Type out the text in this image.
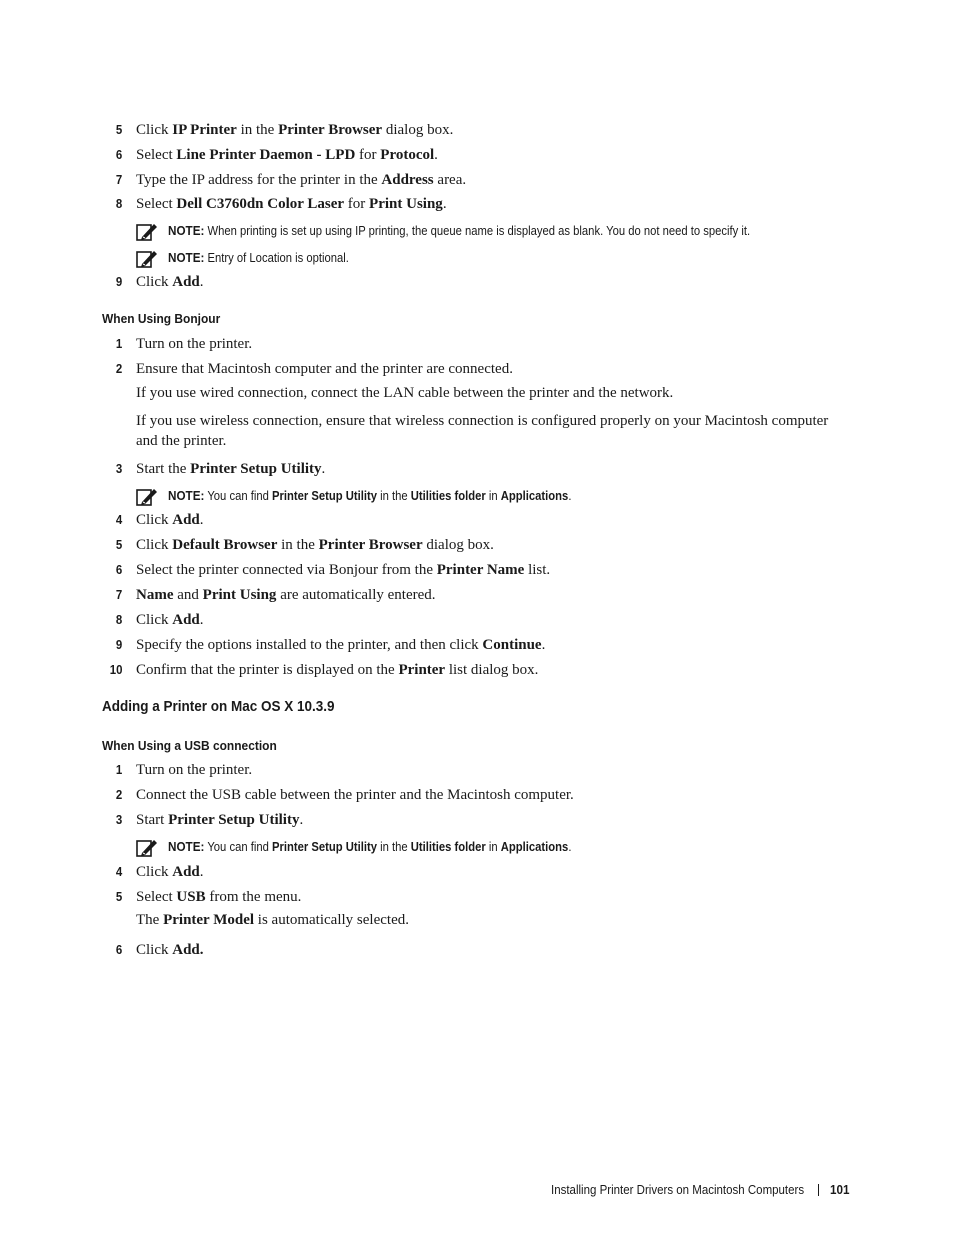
5 Click IP Printer in the Printer Browser dialog box.
6 Select Line Printer Daemon - LPD for Protocol.
7 Type the IP address for the printer in the Address area.
8 Select Dell C3760dn Color Laser for Print Using.
NOTE: When printing is set up using IP printing, the queue name is displayed as blank. You do not need to specify it.
NOTE: Entry of Location is optional.
9 Click Add.
When Using Bonjour
1 Turn on the printer.
2 Ensure that Macintosh computer and the printer are connected.
If you use wired connection, connect the LAN cable between the printer and the network.
If you use wireless connection, ensure that wireless connection is configured properly on your Macintosh computer and the printer.
3 Start the Printer Setup Utility.
NOTE: You can find Printer Setup Utility in the Utilities folder in Applications.
4 Click Add.
5 Click Default Browser in the Printer Browser dialog box.
6 Select the printer connected via Bonjour from the Printer Name list.
7 Name and Print Using are automatically entered.
8 Click Add.
9 Specify the options installed to the printer, and then click Continue.
10 Confirm that the printer is displayed on the Printer list dialog box.
Adding a Printer on Mac OS X 10.3.9
When Using a USB connection
1 Turn on the printer.
2 Connect the USB cable between the printer and the Macintosh computer.
3 Start Printer Setup Utility.
NOTE: You can find Printer Setup Utility in the Utilities folder in Applications.
4 Click Add.
5 Select USB from the menu.
The Printer Model is automatically selected.
6 Click Add.
Installing Printer Drivers on Macintosh Computers 101
